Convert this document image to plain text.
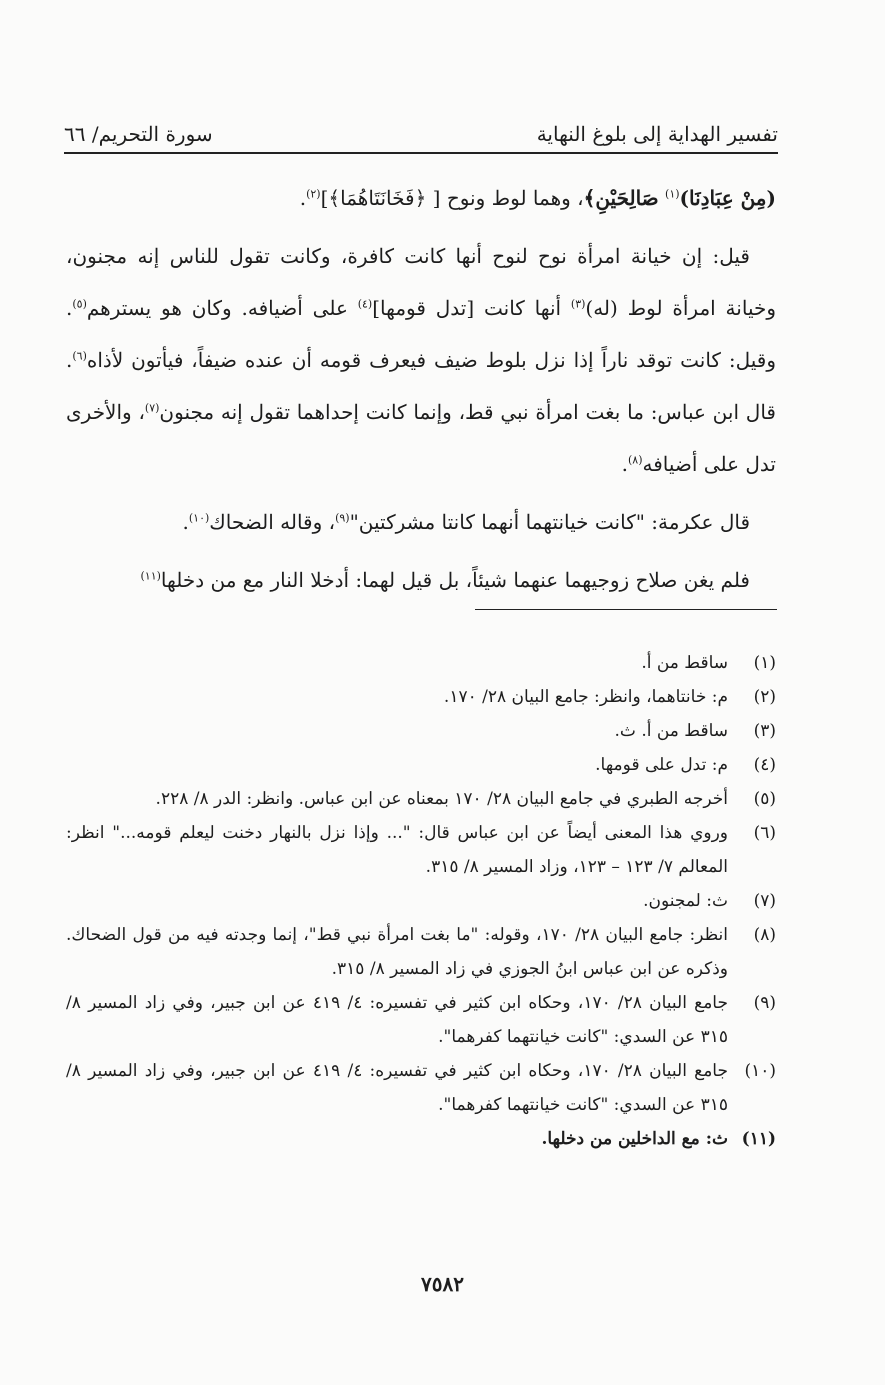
تفسير الهداية إلى بلوغ النهاية
سورة التحريم/ ٦٦

(مِنْ عِبَادِنَا)$^{(١)}$ صَالِحَيْنِ﴾، وهما لوط ونوح [ ﴿فَخَانَتَاهُمَا﴾]$^{(٢)}$.

قيل: إن خيانة امرأة نوح لنوح أنها كانت كافرة، وكانت تقول للناس إنه مجنون، وخيانة امرأة لوط (له)$^{(٣)}$ أنها كانت [تدل قومها]$^{(٤)}$ على أضيافه. وكان هو يسترهم$^{(٥)}$. وقيل: كانت توقد ناراً إذا نزل بلوط ضيف فيعرف قومه أن عنده ضيفاً، فيأتون لأذاه$^{(٦)}$. قال ابن عباس: ما بغت امرأة نبي قط، وإنما كانت إحداهما تقول إنه مجنون$^{(٧)}$، والأخرى تدل على أضيافه$^{(٨)}$.

قال عكرمة: "كانت خيانتهما أنهما كانتا مشركتين"$^{(٩)}$، وقاله الضحاك$^{(١٠)}$.

فلم يغن صلاح زوجيهما عنهما شيئاً، بل قيل لهما: أدخلا النار مع من دخلها$^{(١١)}$

(١)
ساقط من أ.
(٢)
م: خانتاهما، وانظر: جامع البيان ٢٨/ ١٧٠.
(٣)
ساقط من أ. ث.
(٤)
م: تدل على قومها.
(٥)
أخرجه الطبري في جامع البيان ٢٨/ ١٧٠ بمعناه عن ابن عباس. وانظر: الدر ٨/ ٢٢٨.
(٦)
وروي هذا المعنى أيضاً عن ابن عباس قال: "... وإذا نزل بالنهار دخنت ليعلم قومه..." انظر: المعالم ٧/ ١٢٣ – ١٢٣، وزاد المسير ٨/ ٣١٥.
(٧)
ث: لمجنون.
(٨)
انظر: جامع البيان ٢٨/ ١٧٠، وقوله: "ما بغت امرأة نبي قط"، إنما وجدته فيه من قول الضحاك. وذكره عن ابن عباس ابنُ الجوزي في زاد المسير ٨/ ٣١٥.
(٩)
جامع البيان ٢٨/ ١٧٠، وحكاه ابن كثير في تفسيره: ٤/ ٤١٩ عن ابن جبير، وفي زاد المسير ٨/ ٣١٥ عن السدي: "كانت خيانتهما كفرهما".
(١٠)
جامع البيان ٢٨/ ١٧٠، وحكاه ابن كثير في تفسيره: ٤/ ٤١٩ عن ابن جبير، وفي زاد المسير ٨/ ٣١٥ عن السدي: "كانت خيانتهما كفرهما".
(١١)
ث: مع الداخلين من دخلها.
٧٥٨٢
